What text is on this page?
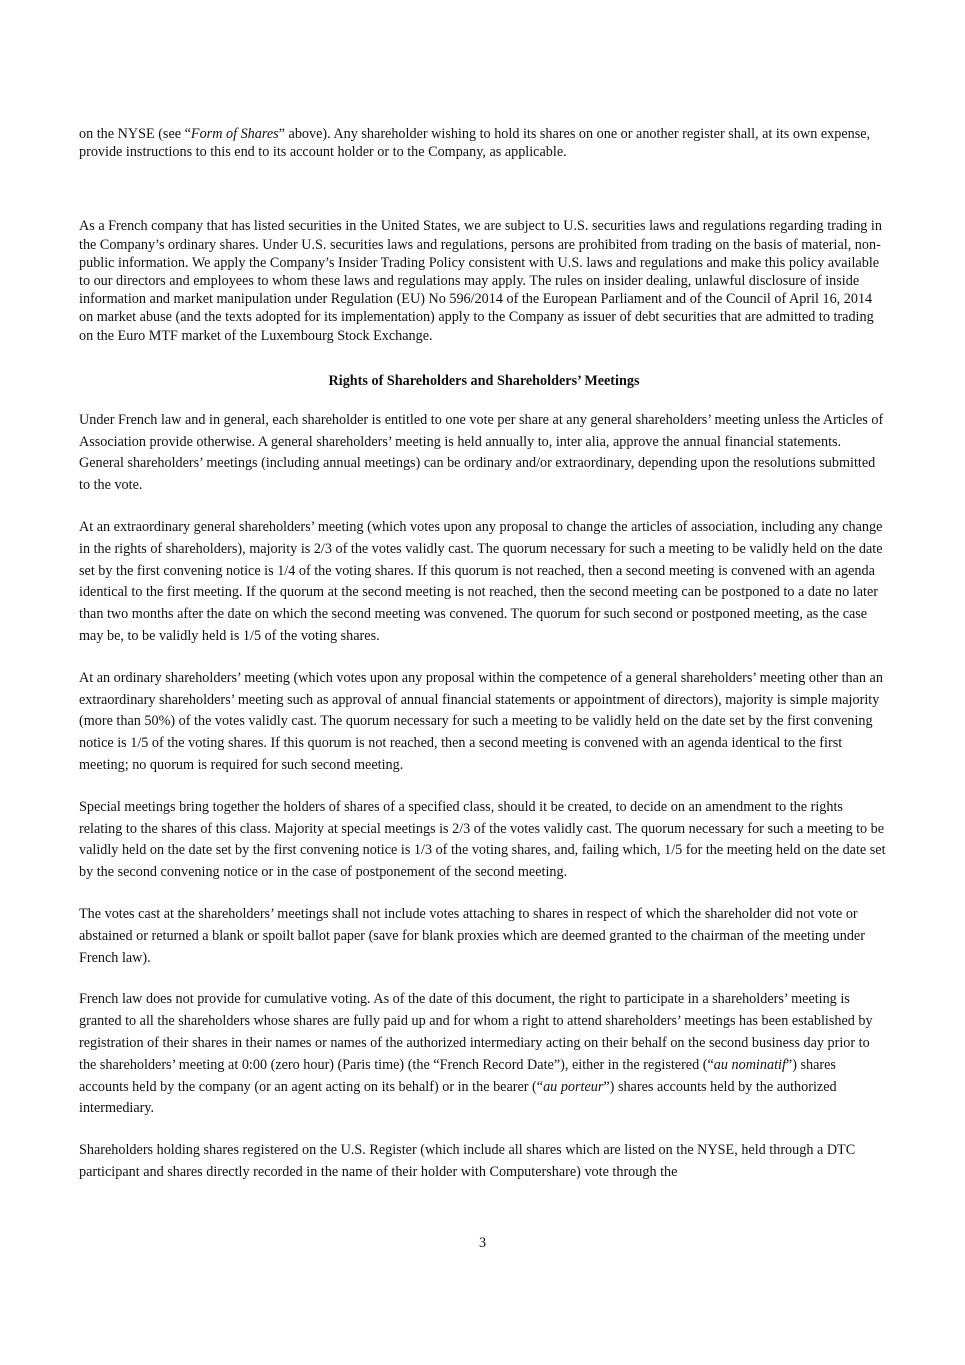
on the NYSE (see “Form of Shares” above). Any shareholder wishing to hold its shares on one or another register shall, at its own expense, provide instructions to this end to its account holder or to the Company, as applicable.

As a French company that has listed securities in the United States, we are subject to U.S. securities laws and regulations regarding trading in the Company’s ordinary shares. Under U.S. securities laws and regulations, persons are prohibited from trading on the basis of material, non-public information. We apply the Company’s Insider Trading Policy consistent with U.S. laws and regulations and make this policy available to our directors and employees to whom these laws and regulations may apply. The rules on insider dealing, unlawful disclosure of inside information and market manipulation under Regulation (EU) No 596/2014 of the European Parliament and of the Council of April 16, 2014 on market abuse (and the texts adopted for its implementation) apply to the Company as issuer of debt securities that are admitted to trading on the Euro MTF market of the Luxembourg Stock Exchange.

Rights of Shareholders and Shareholders’ Meetings

Under French law and in general, each shareholder is entitled to one vote per share at any general shareholders’ meeting unless the Articles of Association provide otherwise. A general shareholders’ meeting is held annually to, inter alia, approve the annual financial statements. General shareholders’ meetings (including annual meetings) can be ordinary and/or extraordinary, depending upon the resolutions submitted to the vote.

At an extraordinary general shareholders’ meeting (which votes upon any proposal to change the articles of association, including any change in the rights of shareholders), majority is 2/3 of the votes validly cast. The quorum necessary for such a meeting to be validly held on the date set by the first convening notice is 1/4 of the voting shares. If this quorum is not reached, then a second meeting is convened with an agenda identical to the first meeting. If the quorum at the second meeting is not reached, then the second meeting can be postponed to a date no later than two months after the date on which the second meeting was convened. The quorum for such second or postponed meeting, as the case may be, to be validly held is 1/5 of the voting shares.

At an ordinary shareholders’ meeting (which votes upon any proposal within the competence of a general shareholders’ meeting other than an extraordinary shareholders’ meeting such as approval of annual financial statements or appointment of directors), majority is simple majority (more than 50%) of the votes validly cast. The quorum necessary for such a meeting to be validly held on the date set by the first convening notice is 1/5 of the voting shares. If this quorum is not reached, then a second meeting is convened with an agenda identical to the first meeting; no quorum is required for such second meeting.

Special meetings bring together the holders of shares of a specified class, should it be created, to decide on an amendment to the rights relating to the shares of this class. Majority at special meetings is 2/3 of the votes validly cast. The quorum necessary for such a meeting to be validly held on the date set by the first convening notice is 1/3 of the voting shares, and, failing which, 1/5 for the meeting held on the date set by the second convening notice or in the case of postponement of the second meeting.

The votes cast at the shareholders’ meetings shall not include votes attaching to shares in respect of which the shareholder did not vote or abstained or returned a blank or spoilt ballot paper (save for blank proxies which are deemed granted to the chairman of the meeting under French law).

French law does not provide for cumulative voting. As of the date of this document, the right to participate in a shareholders’ meeting is granted to all the shareholders whose shares are fully paid up and for whom a right to attend shareholders’ meetings has been established by registration of their shares in their names or names of the authorized intermediary acting on their behalf on the second business day prior to the shareholders’ meeting at 0:00 (zero hour) (Paris time) (the “French Record Date”), either in the registered (“au nominatif”) shares accounts held by the company (or an agent acting on its behalf) or in the bearer (“au porteur”) shares accounts held by the authorized intermediary.

Shareholders holding shares registered on the U.S. Register (which include all shares which are listed on the NYSE, held through a DTC participant and shares directly recorded in the name of their holder with Computershare) vote through the

3
